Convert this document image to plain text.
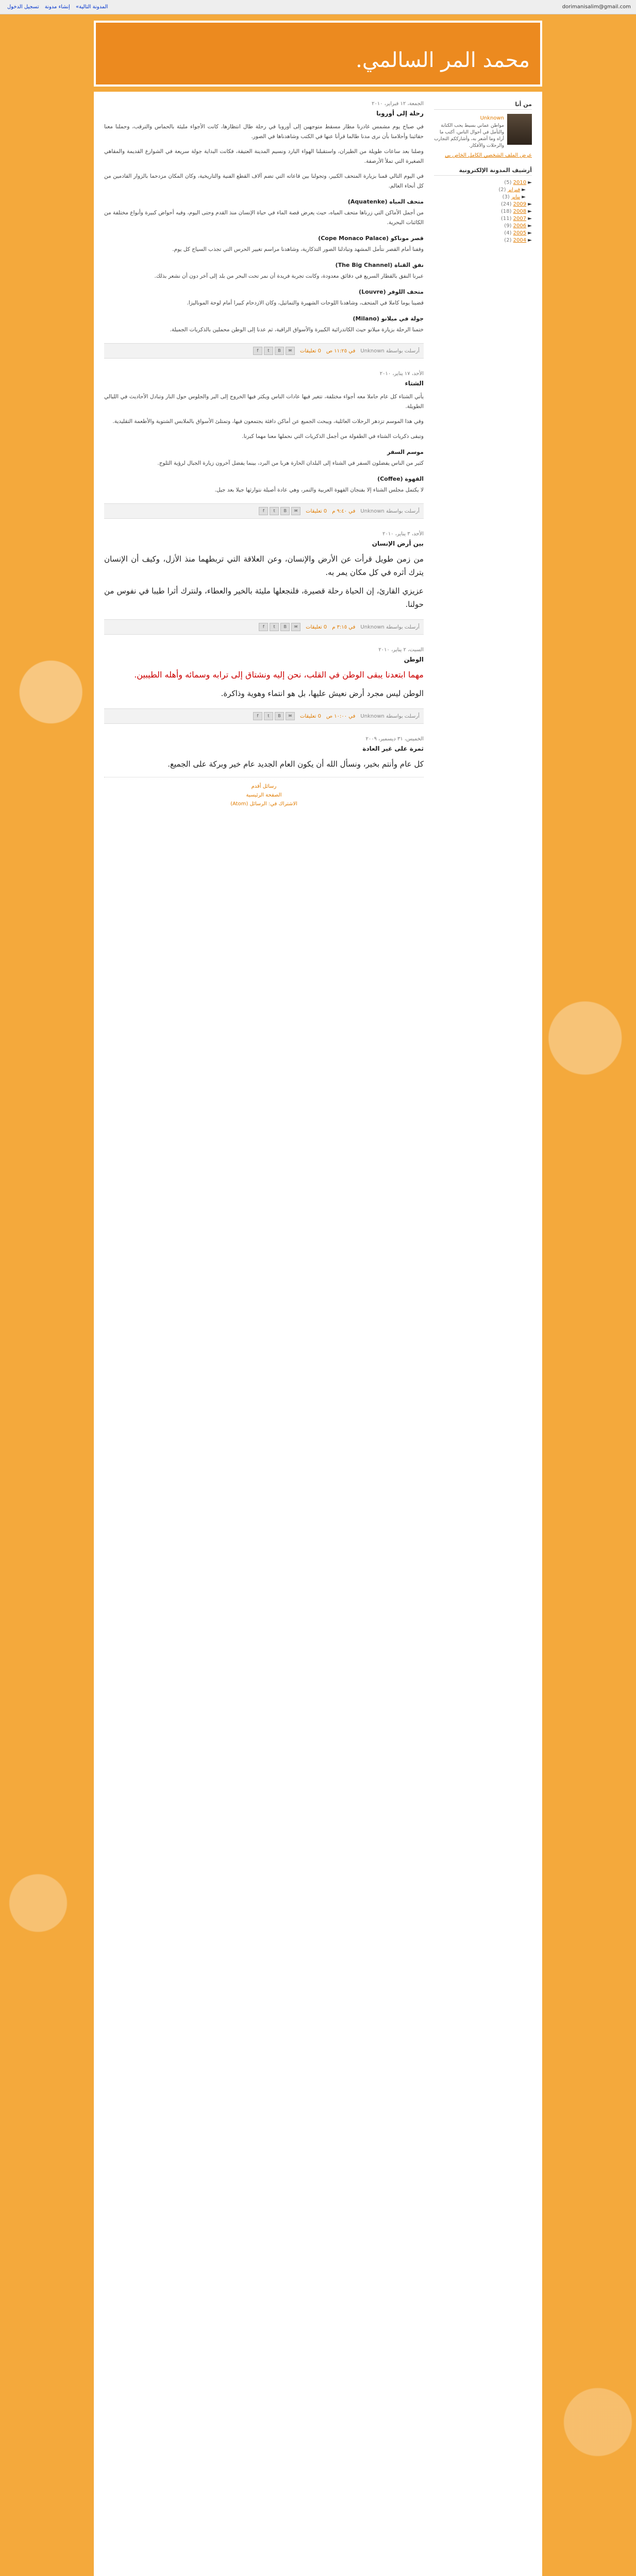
dorimanisalim@gmail.com
المدونة التالية» إنشاء مدونة تسجيل الدخول
محمد المر السالمي.
من أنا
Unknown
مواطن عماني بسيط يحب الكتابة والتأمل في أحوال الناس، أكتب ما أراه وما أشعر به، وأشارككم التجارب والرحلات والأفكار.
عرض الملف الشخصي الكامل الخاص بي
أرشيف المدونة الإلكترونية
► 2010 (5)
► فبراير (2)
► يناير (3)
► 2009 (24)
► 2008 (18)
► 2007 (11)
► 2006 (9)
► 2005 (4)
► 2004 (2)
الجمعة، ١٢ فبراير، ٢٠١٠
رحلة إلى أوروبا

في صباح يوم مشمس غادرنا مطار مسقط متوجهين إلى أوروبا في رحلة طال انتظارها، كانت الأجواء مليئة بالحماس والترقب، وحملنا معنا حقائبنا وأحلامنا بأن نرى مدنا طالما قرأنا عنها في الكتب وشاهدناها في الصور.

وصلنا بعد ساعات طويلة من الطيران، واستقبلنا الهواء البارد ونسيم المدينة العتيقة، فكانت البداية جولة سريعة في الشوارع القديمة والمقاهي الصغيرة التي تملأ الأرصفة.

في اليوم التالي قمنا بزيارة المتحف الكبير، وتجولنا بين قاعاته التي تضم آلاف القطع الفنية والتاريخية، وكان المكان مزدحما بالزوار القادمين من كل أنحاء العالم.

متحف المياه (Aquatenke)

من أجمل الأماكن التي زرناها متحف المياه، حيث يعرض قصة الماء في حياة الإنسان منذ القدم وحتى اليوم، وفيه أحواض كبيرة وأنواع مختلفة من الكائنات البحرية.

قصر موناكو (Cope Monaco Palace)

وقفنا أمام القصر نتأمل المشهد وتبادلنا الصور التذكارية، وشاهدنا مراسم تغيير الحرس التي تجذب السياح كل يوم.

نفق القناة (The Big Channel)

عبرنا النفق بالقطار السريع في دقائق معدودة، وكانت تجربة فريدة أن نمر تحت البحر من بلد إلى آخر دون أن نشعر بذلك.

متحف اللوفر (Louvre)

قضينا يوما كاملا في المتحف، وشاهدنا اللوحات الشهيرة والتماثيل، وكان الازدحام كبيرا أمام لوحة الموناليزا.

جولة في ميلانو (Milano)

ختمنا الرحلة بزيارة ميلانو حيث الكاتدرائية الكبيرة والأسواق الراقية، ثم عدنا إلى الوطن محملين بالذكريات الجميلة.

أرسلت بواسطة Unknown
في ١١:٢٥ ص
0 تعليقات
✉
B
t
f
الأحد، ١٧ يناير، ٢٠١٠
الشتاء

يأتي الشتاء كل عام حاملا معه أجواء مختلفة، تتغير فيها عادات الناس ويكثر فيها الخروج إلى البر والجلوس حول النار وتبادل الأحاديث في الليالي الطويلة.

وفي هذا الموسم تزدهر الرحلات العائلية، ويبحث الجميع عن أماكن دافئة يجتمعون فيها، وتمتلئ الأسواق بالملابس الشتوية والأطعمة التقليدية.

وتبقى ذكريات الشتاء في الطفولة من أجمل الذكريات التي نحملها معنا مهما كبرنا.

موسم السفر

كثير من الناس يفضلون السفر في الشتاء إلى البلدان الحارة هربا من البرد، بينما يفضل آخرون زيارة الجبال لرؤية الثلوج.

القهوة (Coffee)

لا يكتمل مجلس الشتاء إلا بفنجان القهوة العربية والتمر، وهي عادة أصيلة نتوارثها جيلا بعد جيل.

أرسلت بواسطة Unknown
في ٩:٤٠ م
0 تعليقات
✉
B
t
f
الأحد، ٣ يناير، ٢٠١٠
بين أرض الإنسان

من زمن طويل قرأت عن الأرض والإنسان، وعن العلاقة التي تربطهما منذ الأزل، وكيف أن الإنسان يترك أثره في كل مكان يمر به.

عزيزي القارئ، إن الحياة رحلة قصيرة، فلنجعلها مليئة بالخير والعطاء، ولنترك أثرا طيبا في نفوس من حولنا.

أرسلت بواسطة Unknown
في ٣:١٥ م
0 تعليقات
✉
B
t
f
السبت، ٢ يناير، ٢٠١٠
الوطن

مهما ابتعدنا يبقى الوطن في القلب، نحن إليه ونشتاق إلى ترابه وسمائه وأهله الطيبين.

الوطن ليس مجرد أرض نعيش عليها، بل هو انتماء وهوية وذاكرة.

أرسلت بواسطة Unknown
في ١٠:٠٠ ص
0 تعليقات
✉
B
t
f
الخميس، ٣١ ديسمبر، ٢٠٠٩
ثمرة على غير العادة

كل عام وأنتم بخير، ونسأل الله أن يكون العام الجديد عام خير وبركة على الجميع.

رسائل أقدم
الصفحة الرئيسية
الاشتراك في: الرسائل (Atom)
